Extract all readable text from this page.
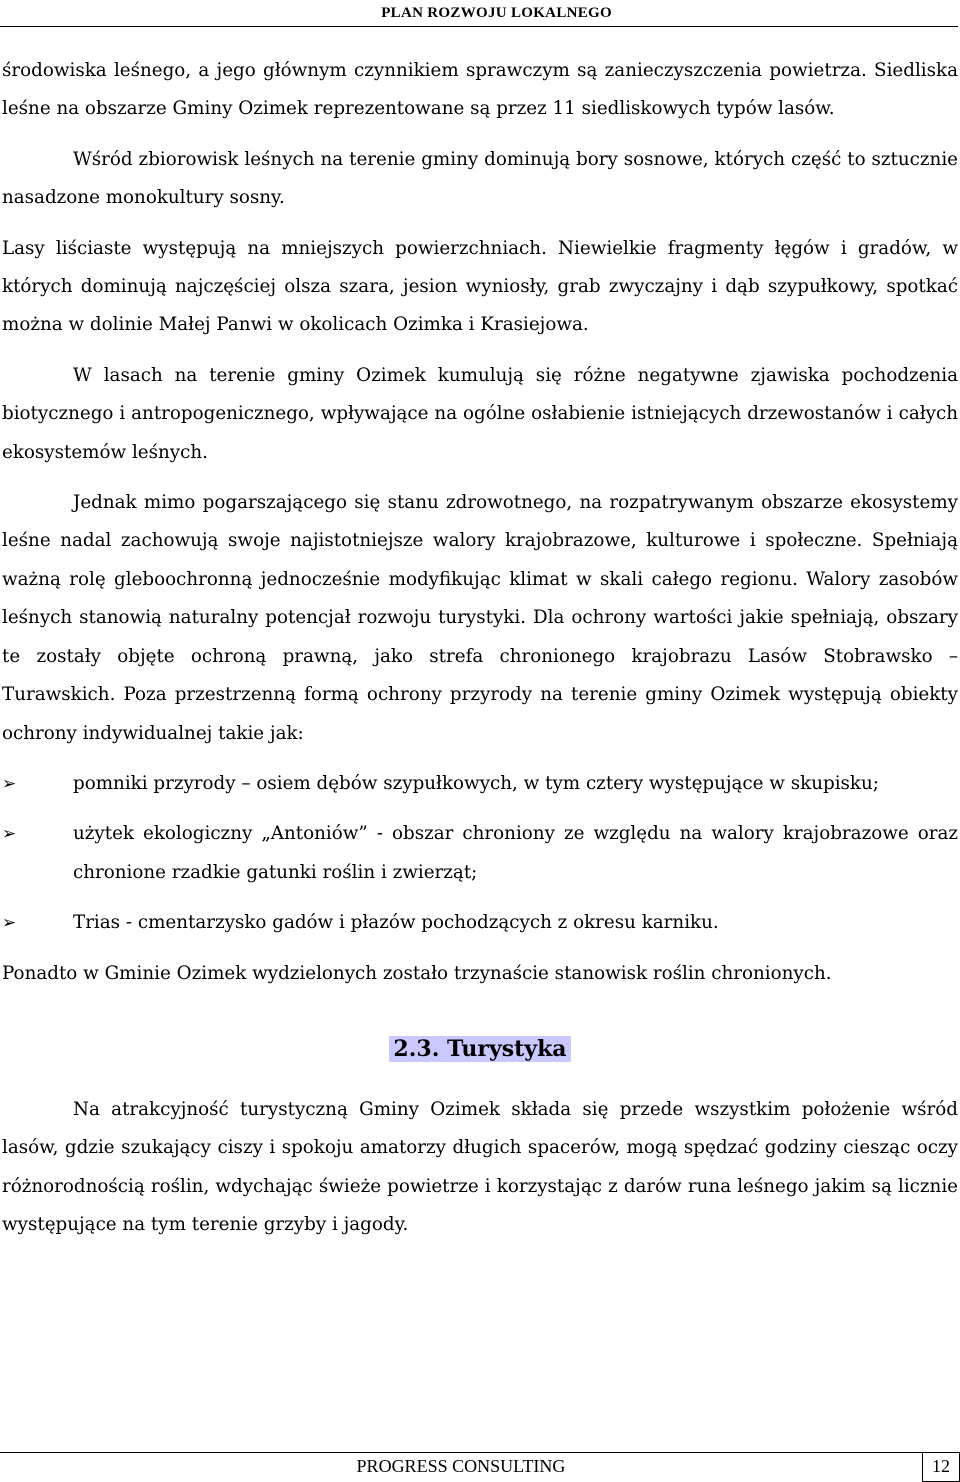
PLAN ROZWOJU LOKALNEGO

środowiska leśnego, a jego głównym czynnikiem sprawczym są zanieczyszczenia powietrza. Siedliska leśne na obszarze Gminy Ozimek reprezentowane są przez 11 siedliskowych typów lasów.

Wśród zbiorowisk leśnych na terenie gminy dominują bory sosnowe, których część to sztucznie nasadzone monokultury sosny.

Lasy liściaste występują na mniejszych powierzchniach. Niewielkie fragmenty łęgów i gradów, w których dominują najczęściej olsza szara, jesion wyniosły, grab zwyczajny i dąb szypułkowy, spotkać można w dolinie Małej Panwi w okolicach Ozimka i Krasiejowa.

W lasach na terenie gminy Ozimek kumulują się różne negatywne zjawiska pochodzenia biotycznego i antropogenicznego, wpływające na ogólne osłabienie istniejących drzewostanów i całych ekosystemów leśnych.

Jednak mimo pogarszającego się stanu zdrowotnego, na rozpatrywanym obszarze ekosystemy leśne nadal zachowują swoje najistotniejsze walory krajobrazowe, kulturowe i społeczne. Spełniają ważną rolę gleboochronną jednocześnie modyfikując klimat w skali całego regionu. Walory zasobów leśnych stanowią naturalny potencjał rozwoju turystyki. Dla ochrony wartości jakie spełniają, obszary te zostały objęte ochroną prawną, jako strefa chronionego krajobrazu Lasów Stobrawsko – Turawskich. Poza przestrzenną formą ochrony przyrody na terenie gminy Ozimek występują obiekty ochrony indywidualnej takie jak:

➢	pomniki przyrody – osiem dębów szypułkowych, w tym cztery występujące w skupisku;
➢	użytek ekologiczny „Antoniów” - obszar chroniony ze względu na walory krajobrazowe oraz chronione rzadkie gatunki roślin i zwierząt;
➢	Trias - cmentarzysko gadów i płazów pochodzących z okresu karniku.

Ponadto w Gminie Ozimek wydzielonych zostało trzynaście stanowisk roślin chronionych.

2.3. Turystyka

Na atrakcyjność turystyczną Gminy Ozimek składa się przede wszystkim położenie wśród lasów, gdzie szukający ciszy i spokoju amatorzy długich spacerów, mogą spędzać godziny ciesząc oczy różnorodnością roślin, wdychając świeże powietrze i korzystając z darów runa leśnego jakim są licznie występujące na tym terenie grzyby i jagody.

PROGRESS CONSULTING	12
